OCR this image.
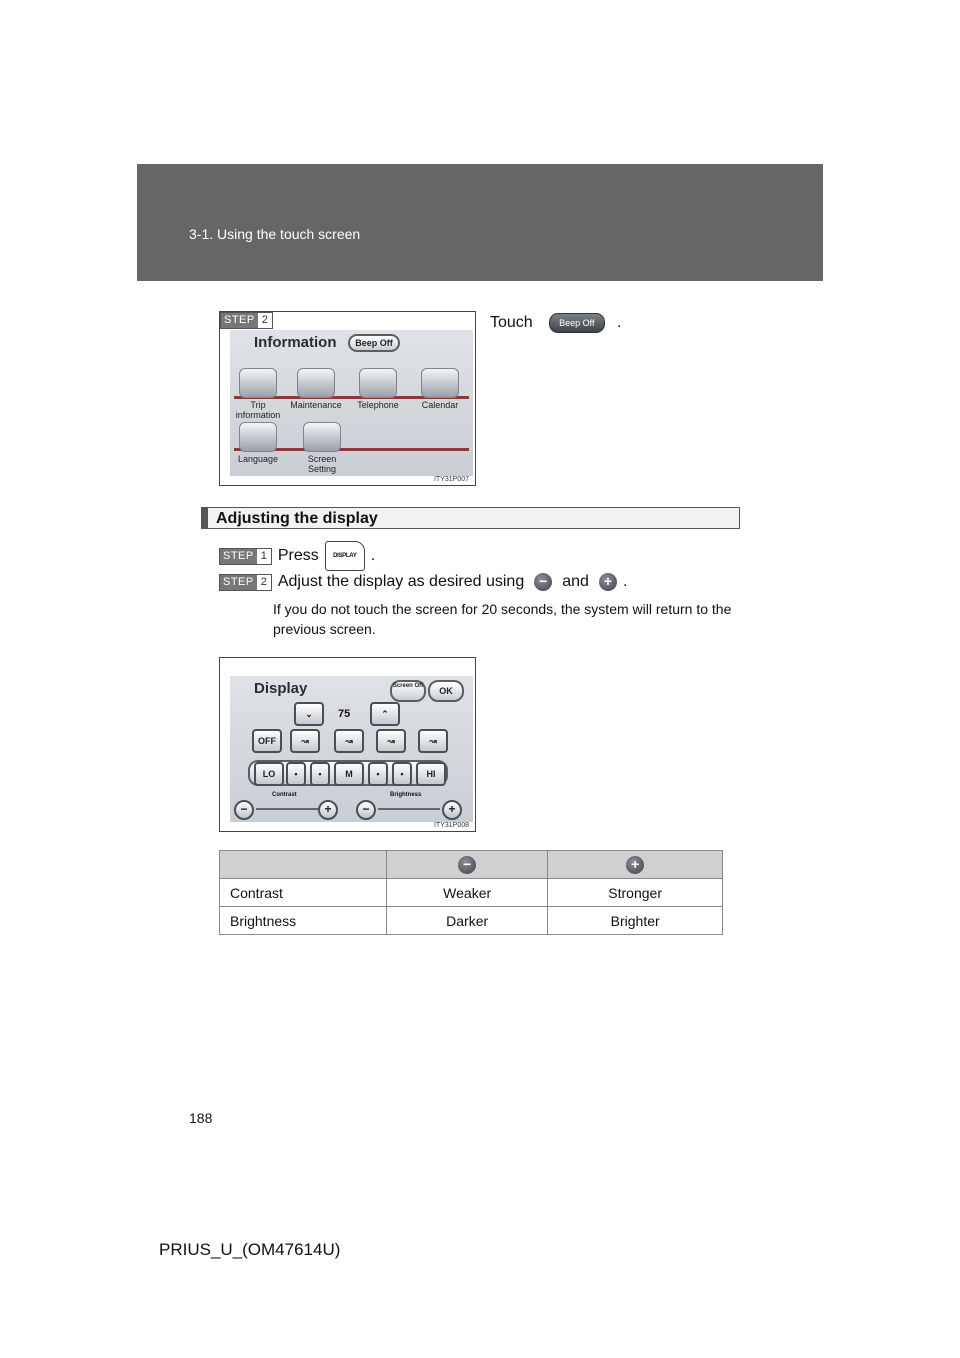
3-1. Using the touch screen
STEP 2
Information	Beep Off
Trip information
Maintenance	Telephone	Calendar
Language	Screen Setting
ITY31P007
Touch	Beep Off .
Adjusting the display
STEP 1 Press	DISPLAY .
STEP 2 Adjust the display as desired using	− and	+ .
If you do not touch the screen for 20 seconds, the system will return to the previous screen.
Display	Screen Off	OK
⌄	75	⌃
OFF	↝	↝	↝	↝
LO	▪	▪	M	▪	▪	HI
Contrast	Brightness
−	+	−	+
ITY31P008
	−	+
Contrast	Weaker	Stronger
Brightness	Darker	Brighter
188
PRIUS_U_(OM47614U)
